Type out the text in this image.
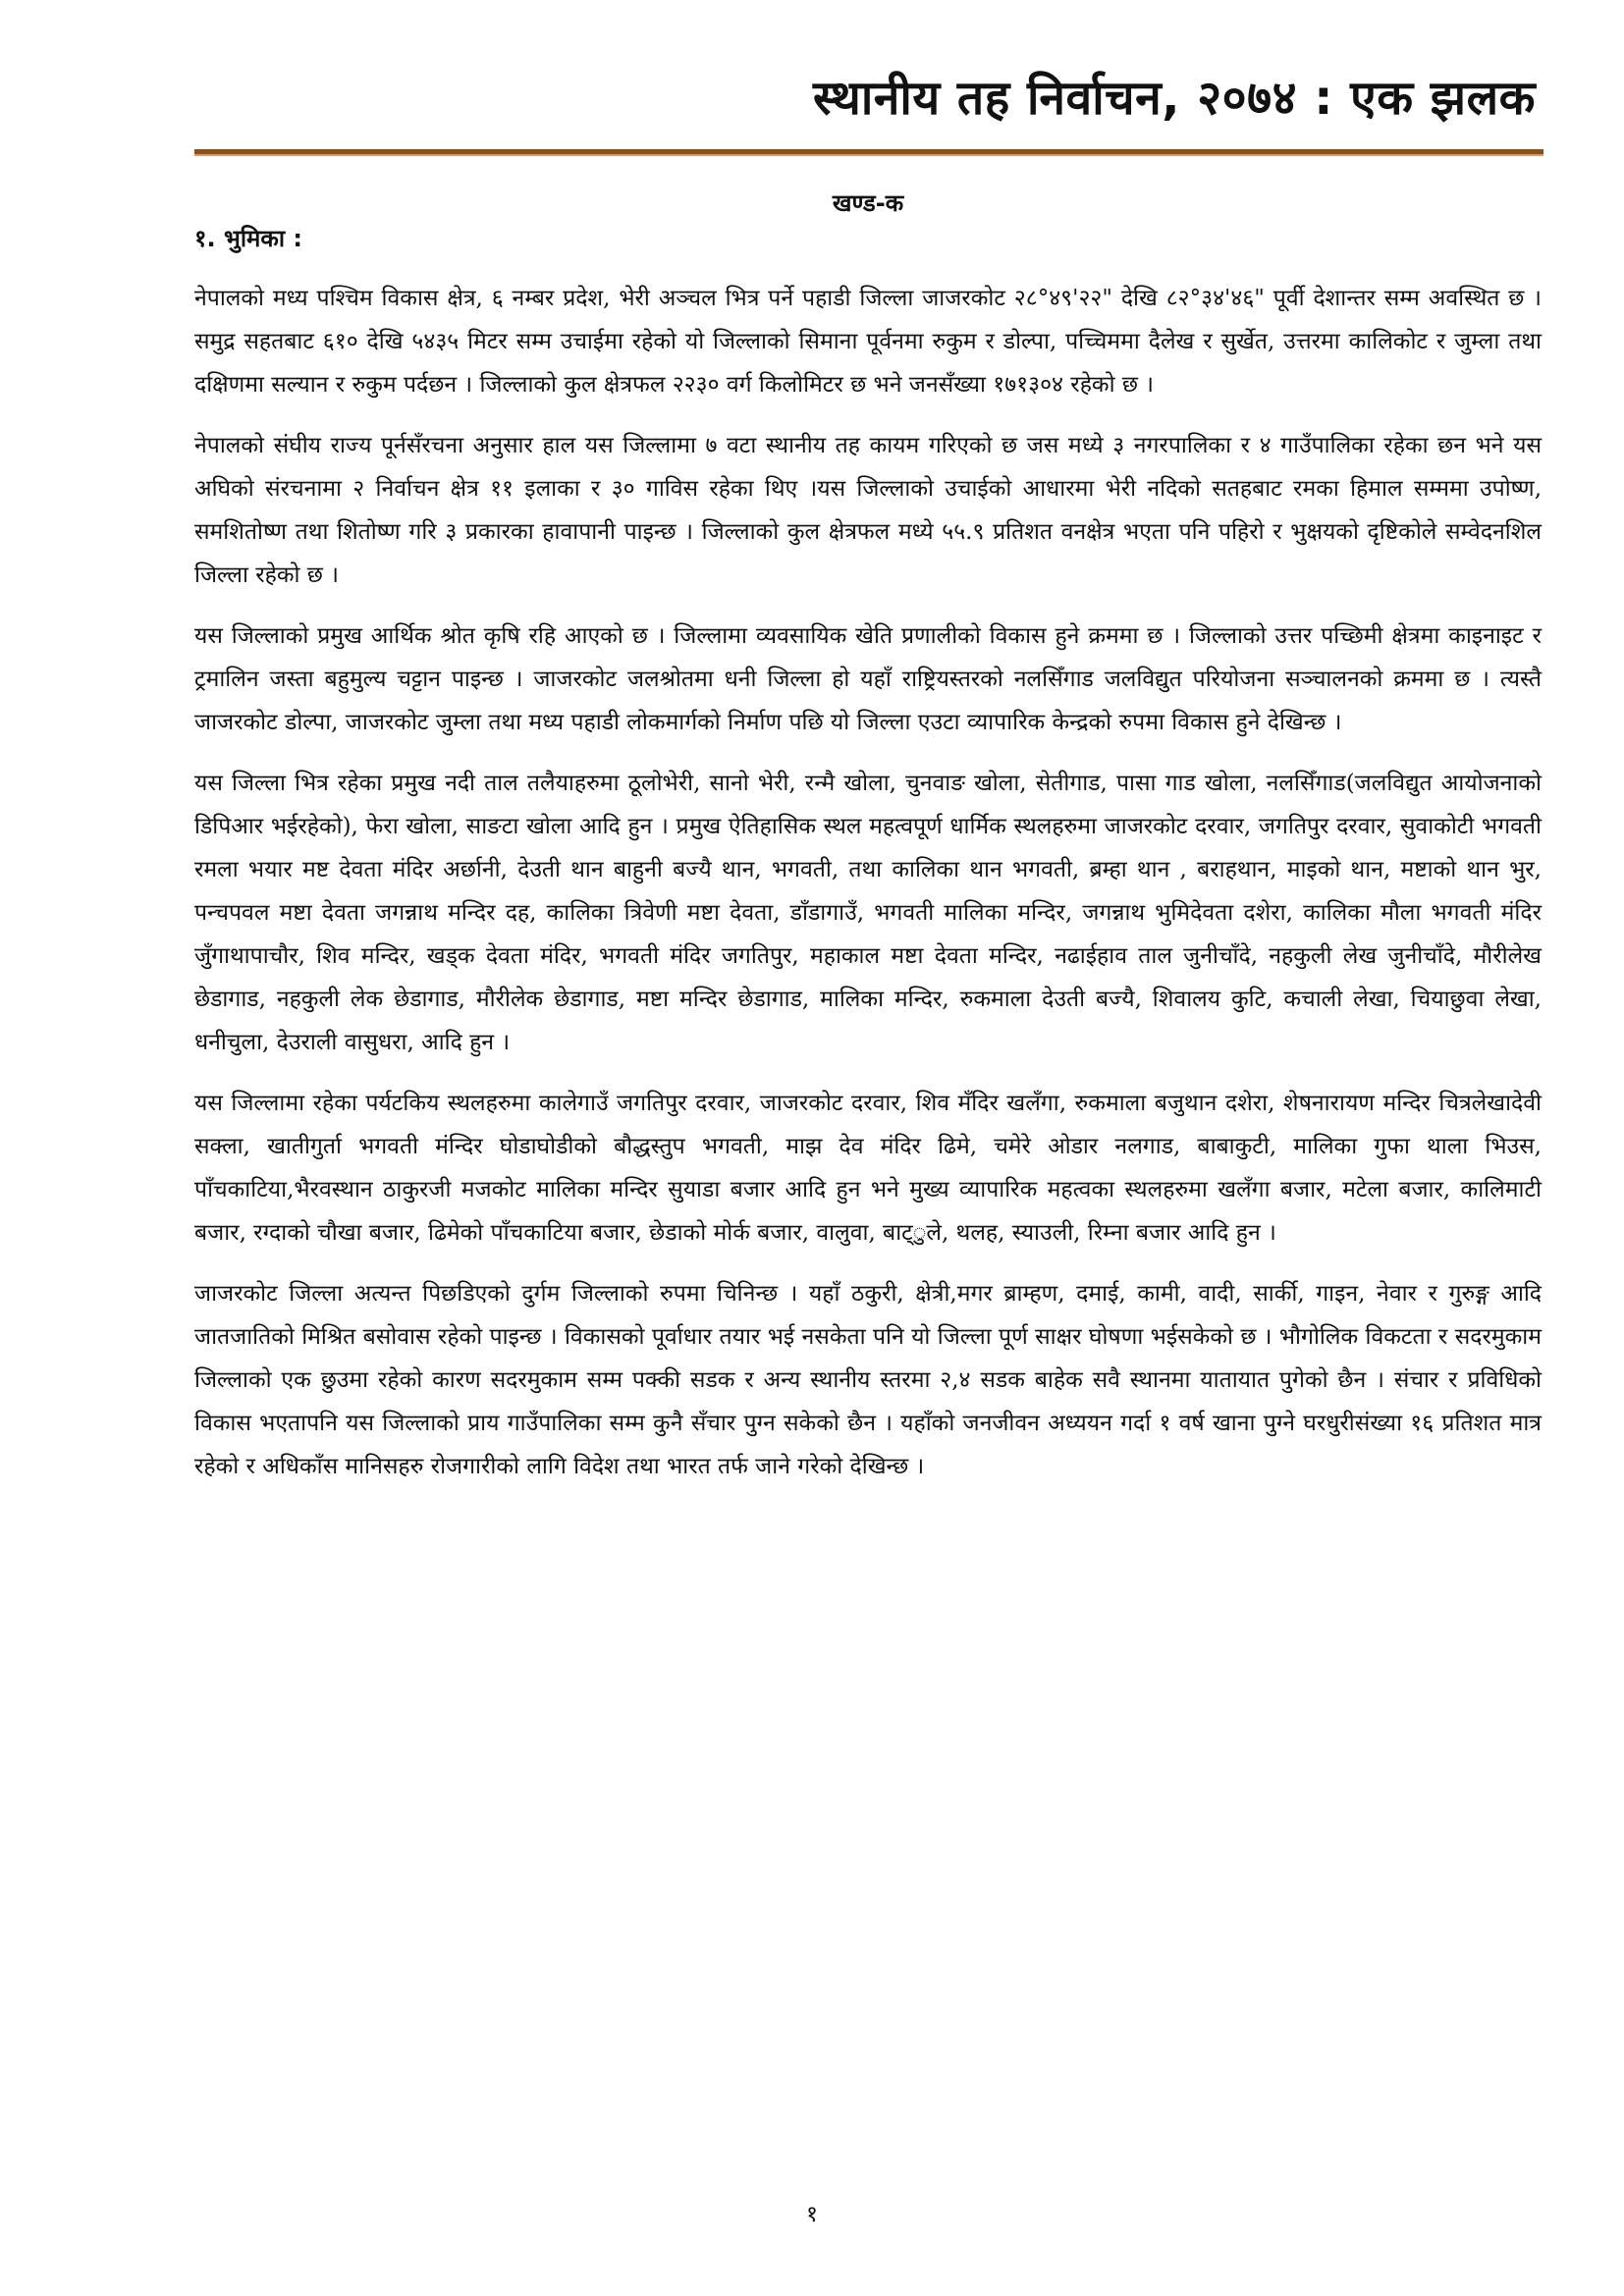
स्थानीय तह निर्वाचन, २०७४ : एक झलक
खण्ड-क
१. भुमिका :

नेपालको मध्य पश्चिम विकास क्षेत्र, ६ नम्बर प्रदेश, भेरी अञ्चल भित्र पर्ने पहाडी जिल्ला जाजरकोट २८°४९'२२" देखि ८२°३४'४६" पूर्वी देशान्तर सम्म अवस्थित छ । समुद्र सहतबाट ६१० देखि ५४३५ मिटर सम्म उचाईमा रहेको यो जिल्लाको सिमाना पूर्वनमा रुकुम र डोल्पा, पच्चिममा दैलेख र सुर्खेत, उत्तरमा कालिकोट र जुम्ला तथा दक्षिणमा सल्यान र रुकुम पर्दछन । जिल्लाको कुल क्षेत्रफल २२३० वर्ग किलोमिटर छ भने जनसँख्या १७१३०४ रहेको छ ।

नेपालको संघीय राज्य पूर्नसँरचना अनुसार हाल यस जिल्लामा ७ वटा स्थानीय तह कायम गरिएको छ जस मध्ये ३ नगरपालिका र ४ गाउँपालिका रहेका छन भने यस अघिको संरचनामा २ निर्वाचन क्षेत्र ११ इलाका र ३० गाविस रहेका थिए ।यस जिल्लाको उचाईको आधारमा भेरी नदिको सतहबाट रमका हिमाल सम्ममा उपोष्ण, समशितोष्ण तथा शितोष्ण गरि ३ प्रकारका हावापानी पाइन्छ । जिल्लाको कुल क्षेत्रफल मध्ये ५५.९ प्रतिशत वनक्षेत्र भएता पनि पहिरो र भुक्षयको दृष्टिकोले सम्वेदनशिल जिल्ला रहेको छ ।

यस जिल्लाको प्रमुख आर्थिक श्रोत कृषि रहि आएको छ । जिल्लामा व्यवसायिक खेति प्रणालीको विकास हुने क्रममा छ । जिल्लाको उत्तर पच्छिमी क्षेत्रमा काइनाइट र ट्रमालिन जस्ता बहुमुल्य चट्टान पाइन्छ । जाजरकोट जलश्रोतमा धनी जिल्ला हो यहाँ राष्ट्रियस्तरको नलसिँगाड जलविद्युत परियोजना सञ्चालनको क्रममा छ । त्यस्तै जाजरकोट डोल्पा, जाजरकोट जुम्ला तथा मध्य पहाडी लोकमार्गको निर्माण पछि यो जिल्ला एउटा व्यापारिक केन्द्रको रुपमा विकास हुने देखिन्छ ।

यस जिल्ला भित्र रहेका प्रमुख नदी ताल तलैयाहरुमा ठूलोभेरी, सानो भेरी, रन्मै खोला, चुनवाङ खोला, सेतीगाड, पासा गाड खोला, नलसिँगाड(जलविद्युत आयोजनाको डिपिआर भईरहेको), फेरा खोला, साङटा खोला आदि हुन । प्रमुख ऐतिहासिक स्थल महत्वपूर्ण धार्मिक स्थलहरुमा जाजरकोट दरवार, जगतिपुर दरवार, सुवाकोटी भगवती रमला भयार मष्ट देवता मंदिर अर्छानी, देउती थान बाहुनी बज्यै थान, भगवती, तथा कालिका थान भगवती, ब्रम्हा थान , बराहथान, माइको थान, मष्टाको थान भुर, पन्चपवल मष्टा देवता जगन्नाथ मन्दिर दह, कालिका त्रिवेणी मष्टा देवता, डाँडागाउँ, भगवती मालिका मन्दिर, जगन्नाथ भुमिदेवता दशेरा, कालिका मौला भगवती मंदिर जुँगाथापाचौर, शिव मन्दिर, खड्क देवता मंदिर, भगवती मंदिर जगतिपुर, महाकाल मष्टा देवता मन्दिर, नढाईहाव ताल जुनीचाँदे, नहकुली लेख जुनीचाँदे, मौरीलेख छेडागाड, नहकुली लेक छेडागाड, मौरीलेक छेडागाड, मष्टा मन्दिर छेडागाड, मालिका मन्दिर, रुकमाला देउती बज्यै, शिवालय कुटि, कचाली लेखा, चियाछुवा लेखा, धनीचुला, देउराली वासुधरा, आदि हुन ।

यस जिल्लामा रहेका पर्यटकिय स्थलहरुमा कालेगाउँ जगतिपुर दरवार, जाजरकोट दरवार, शिव मँदिर खलँगा, रुकमाला बजुथान दशेरा, शेषनारायण मन्दिर चित्रलेखादेवी सक्ला, खातीगुर्ता भगवती मंन्दिर घोडाघोडीको बौद्धस्तुप भगवती, माझ देव मंदिर ढिमे, चमेरे ओडार नलगाड, बाबाकुटी, मालिका गुफा थाला भिउस, पाँचकाटिया,भैरवस्थान ठाकुरजी मजकोट मालिका मन्दिर सुयाडा बजार आदि हुन भने मुख्य व्यापारिक महत्वका स्थलहरुमा खलँगा बजार, मटेला बजार, कालिमाटी बजार, रग्दाको चौखा बजार, ढिमेको पाँचकाटिया बजार, छेडाको मोर्क बजार, वालुवा, बाट्ुले, थलह, स्याउली, रिम्ना बजार आदि हुन ।

जाजरकोट जिल्ला अत्यन्त पिछडिएको दुर्गम जिल्लाको रुपमा चिनिन्छ । यहाँ ठकुरी, क्षेत्री,मगर ब्राम्हण, दमाई, कामी, वादी, सार्की, गाइन, नेवार र गुरुङ्ग आदि जातजातिको मिश्रित बसोवास रहेको पाइन्छ । विकासको पूर्वाधार तयार भई नसकेता पनि यो जिल्ला पूर्ण साक्षर घोषणा भईसकेको छ । भौगोलिक विकटता र सदरमुकाम जिल्लाको एक छुउमा रहेको कारण सदरमुकाम सम्म पक्की सडक र अन्य स्थानीय स्तरमा २,४ सडक बाहेक सवै स्थानमा यातायात पुगेको छैन । संचार र प्रविधिको विकास भएतापनि यस जिल्लाको प्राय गाउँपालिका सम्म कुनै सँचार पुग्न सकेको छैन । यहाँको जनजीवन अध्ययन गर्दा १ वर्ष खाना पुग्ने घरधुरीसंख्या १६ प्रतिशत मात्र रहेको र अधिकाँस मानिसहरु रोजगारीको लागि विदेश तथा भारत तर्फ जाने गरेको देखिन्छ ।

१
